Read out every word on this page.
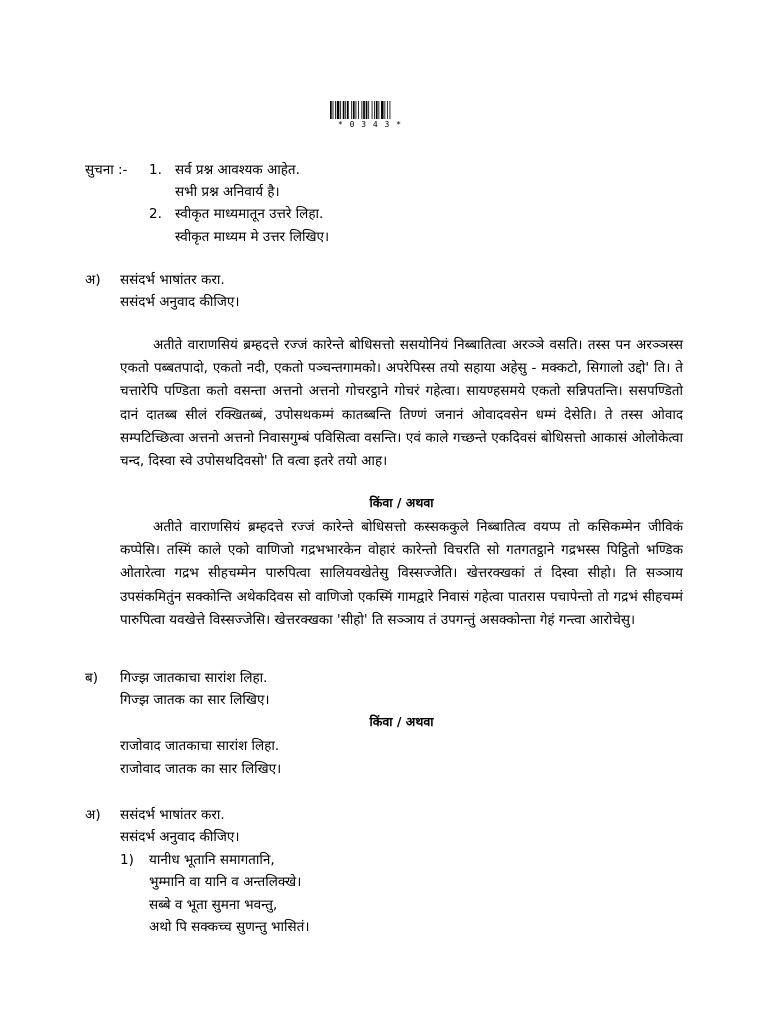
* 0 3 4 3 *
सुचना :- 1. सर्व प्रश्न आवश्यक आहेत.
सभी प्रश्न अनिवार्य है।
2. स्वीकृत माध्यमातून उत्तरे लिहा.
स्वीकृत माध्यम मे उत्तर लिखिए।
अ) ससंदर्भ भाषांतर करा.
ससंदर्भ अनुवाद कीजिए।
अतीते वाराणसियं ब्रम्हदत्ते रज्जं कारेन्ते बोधिसत्तो ससयोनियं निब्बातित्वा अरञ्ञे वसति। तस्स पन अरञ्ञस्स एकतो पब्बतपादो, एकतो नदी, एकतो पञ्चन्तगामको। अपरेपिस्स तयो सहाया अहेसु - मक्कटो, सिगालो उद्दो' ति। ते चत्तारेपि पण्डिता कतो वसन्ता अत्तनो अत्तनो गोचरट्ठाने गोचरं गहेत्वा। सायण्हसमये एकतो सन्निपतन्ति। ससपण्डितो दानं दातब्ब सीलं रक्खितब्बं, उपोसथकम्मं कातब्बन्ति तिण्णं जनानं ओवादवसेन धम्मं देसेति। ते तस्स ओवाद सम्पटिच्छित्वा अत्तनो अत्तनो निवासगुम्बं पविसित्वा वसन्ति। एवं काले गच्छन्ते एकदिवसं बोधिसत्तो आकासं ओलोकेत्वा चन्द, दिस्वा स्वे उपोसथदिवसो' ति वत्वा इतरे तयो आह।
किंवा / अथवा
अतीते वाराणसियं ब्रम्हदत्ते रज्जं कारेन्ते बोधिसत्तो कस्सककुले निब्बातित्व वयप्प तो कसिकम्मेन जीविकं कप्पेसि। तस्मिं काले एको वाणिजो गद्रभभारकेन वोहारं कारेन्तो विचरति सो गतगतट्ठाने गद्रभस्स पिट्ठितो भण्डिक ओतारेत्वा गद्रभ सीहचम्मेन पारुपित्वा सालियवखेतेसु विस्सज्जेति। खेत्तरक्खकां तं दिस्वा सीहो। ति सञ्ञाय उपसंकमितुंन सक्कोन्ति अथेकदिवस सो वाणिजो एकस्मिं गामद्वारे निवासं गहेत्वा पातरास पचापेन्तो तो गद्रभं सीहचम्मं पारुपित्वा यवखेत्ते विस्सज्जेसि। खेत्तरक्खका 'सीहो' ति सञ्ञाय तं उपगन्तुं असक्कोन्ता गेहं गन्त्वा आरोचेसु।
ब) गिज्झ जातकाचा सारांश लिहा.
गिज्झ जातक का सार लिखिए।
किंवा / अथवा
राजोवाद जातकाचा सारांश लिहा.
राजोवाद जातक का सार लिखिए।
अ) ससंदर्भ भाषांतर करा.
ससंदर्भ अनुवाद कीजिए।
1) यानीध भूतानि समागतानि,
भुम्मानि वा यानि व अन्तलिक्खे।
सब्बे व भूता सुमना भवन्तु,
अथो पि सक्कच्च सुणन्तु भासितं।
